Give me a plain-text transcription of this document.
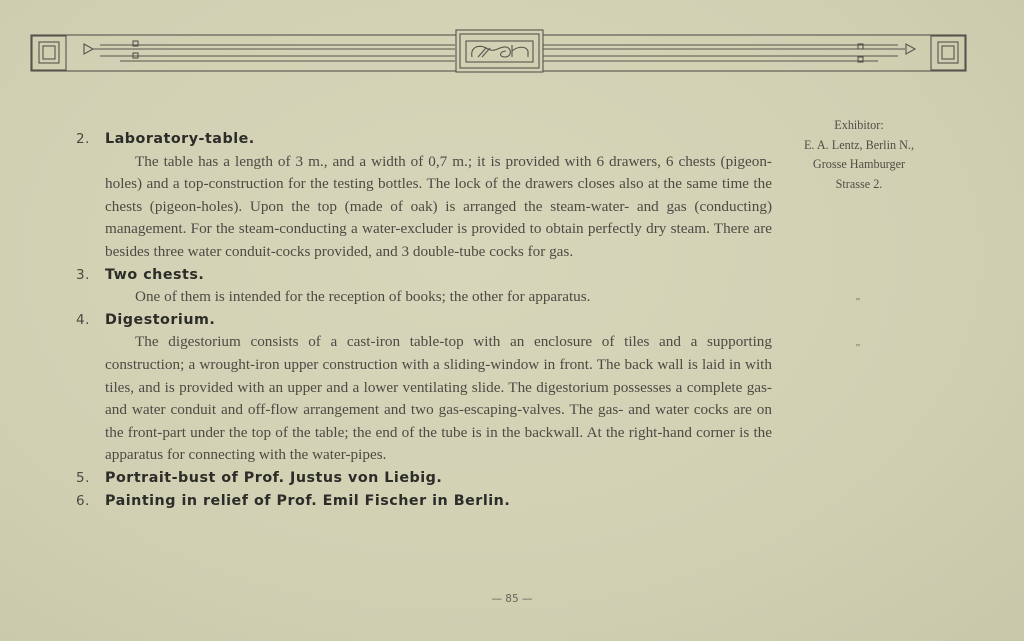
2. Laboratory-table.
The table has a length of 3 m., and a width of 0,7 m.; it is provided with 6 drawers, 6 chests (pigeon-holes) and a top-construction for the testing bottles. The lock of the drawers closes also at the same time the chests (pigeon-holes). Upon the top (made of oak) is arranged the steam-water- and gas (conducting) management. For the steam-conducting a water-excluder is provided to obtain perfectly dry steam. There are besides three water conduit-cocks provided, and 3 double-tube cocks for gas.
3. Two chests.
One of them is intended for the reception of books; the other for apparatus.
4. Digestorium.
The digestorium consists of a cast-iron table-top with an enclosure of tiles and a supporting construction; a wrought-iron upper construction with a sliding-window in front. The back wall is laid in with tiles, and is provided with an upper and a lower ventilating slide. The digestorium possesses a complete gas- and water conduit and off-flow arrangement and two gas-escaping-valves. The gas- and water cocks are on the front-part under the top of the table; the end of the tube is in the backwall. At the right-hand corner is the apparatus for connecting with the water-pipes.
5. Portrait-bust of Prof. Justus von Liebig.
6. Painting in relief of Prof. Emil Fischer in Berlin.
Exhibitor:
E. A. Lentz, Berlin N.,
Grosse Hamburger
Strasse 2.
"
"
— 85 —
